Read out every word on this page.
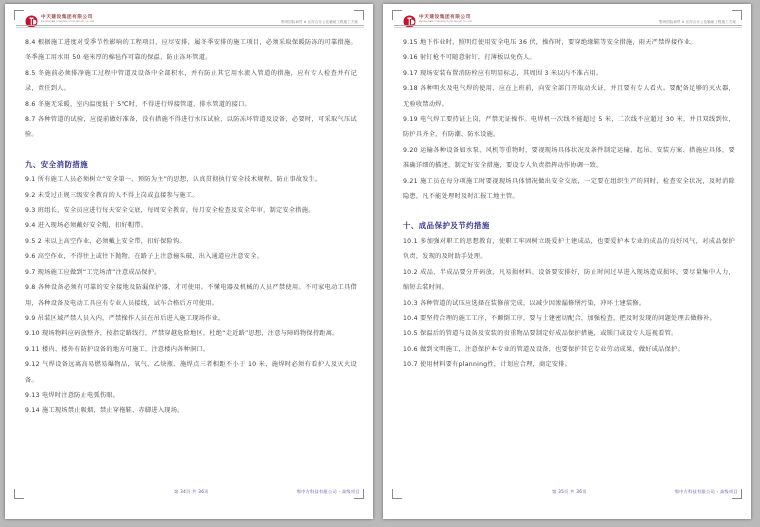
中天建设集团有限公司
ZHONGTIAN CONSTRUCTION GROUP CO.,LTD.	鄂州国际商贸 A 区综合办公及辅助工程施工方案

8.4 根据施工进度对受季节性影响的工程项目，应尽安排，属冬季安排的施工项目，必须采取保暖防冻的可靠措施。冬季施工用水用 50 毫米厚的棉毡作可靠的保温，防止冻坏管道。

8.5 冬施前必须排净施工过程中管道及设备中全部积水，并有防止其它用水流入管道的措施，应有专人检查并有记录，责任到人。

8.6 冬施无采暖，室内温度低于 5℃时，不得进行焊接管道、排水管道的接口。

8.7 各种管道的试验，应提前做好准备，没有措施不得进行水压试验，以防冻坏管道及设备，必要时，可采取气压试验。

九、安全消防措施

9.1 所有施工人员必须树立“安全第一、预防为主”的思想，认真贯彻执行安全技术规程，防止事故发生。

9.2 未受过正规三级安全教育的人不得上岗或直接参与施工。

9.3 班组长、安全员应进行每天安全交底，每周安全教育，每月安全检查及安全年审，制定安全措施。

9.4 进入现场必须戴好安全帽，扣好帽带。

9.5 2 米以上高空作业，必须戴上安全带，扣好保险钩。

9.6 高空作业，不得往上或往下抛物，在路子上注意撞头破，出入通道应注意安全。

9.7 现场施工应做到“工完场清”注意成品保护。

9.8 各种设备必须有可靠的安全接地及防漏保护器，才可使用。不懂电器及机械的人员严禁使用。不可家电动工具借用，各种设备及电动工具应有专业人员接线，试车合格后方可使用。

9.9 吊装区域严禁人员入内，严禁操作人员在吊后进入施工现场作业。

9.10 现场物料应码放整齐，按指定路线行，严禁穿越危险地区，杜绝“走近路”思想，注意与障碍物保持距离。

9.11 楼内、楼外有防护设备的地方可施工，注意楼内各种洞口。

9.12 气焊设备远离高易燃易爆物品，氧气、乙炔瓶、施焊点三者相距不小于 10 米，施焊时必须有看护人及灭火设备。

9.13 电焊时注意防止电弧伤眼。

9.14 施工现场禁止吸烟，禁止穿拖鞋、赤脚进入现场。

第 34页 共 36页	鄂中方科技有限公司 - 高级项目
中天建设集团有限公司
ZHONGTIAN CONSTRUCTION GROUP CO.,LTD.	鄂州国际商贸 A 区综合办公及辅助工程施工方案

9.15 地下作业时，照明灯使用安全电压 36 伏，操作时，要穿绝缘鞋等安全措施，雨天严禁焊接作业。

9.16 射钉枪不可随意射钉，打薄板以免伤人。

9.17 现场安装布置消防栓应有明显标志，其周围 3 米以内不准占用。

9.18 各种明火及电气焊的使用，应在上班前，向安全部门开取动火证，并且要有专人看火。要配备足够的灭火器，无验收禁动焊。

9.19 电气焊工要持证上岗，严禁无证操作。电焊机一次线不能超过 5 米，二次线不应超过 30 米，并且双线到位，防护具齐全，有防潮、防水设施。

9.20 运输各种设备如水泵、风机等重物时，要视现场具体状况及条件制定运输、起吊、安装方案、措施应具体，要准确详细的描述，制定好安全措施，要设专人负责指挥动作协调一致。

9.21 施工员在每分项施工时要视现场具体情况做出安全交底，一定要在组织生产的同时，检查安全状况，及时消除隐患，凡不能处理时及时汇报工地主管。

十、成品保护及节约措施

10.1 多加强对职工的思想教育，使职工牢固树立既爱护土建成品，也要爱护本专业的成品的良好风气，对成品保护负责，发现的及时助手处理。

10.2 成品、半成品要分开码放，凡易损材料、设备要安排好，防止时间过早进入现场造成损坏，要尽量集中人力，缩短去装时间。

10.3 各种管道的试压应选择在装修前完成，以减少因渗漏修缮污染，冲坏土建装修。

10.4 要坚持合理的施工工序，不颠倒工序，要与土建密切配合，加强检查，把及时发现的问题处理去做修补。

10.5 保温后的管道与设备及安装的贵重物品要制定好成品保护措施，或锁门或设专人巡视看管。

10.6 做到文明施工，注意保护本专业的管道及设备，也要保护其它专业劳动成果，做好成品保护。

10.7 使用材料要有planning性，计划应合理，商定安排。

第 35页 共 36页	鄂中方科技有限公司 - 高级项目
